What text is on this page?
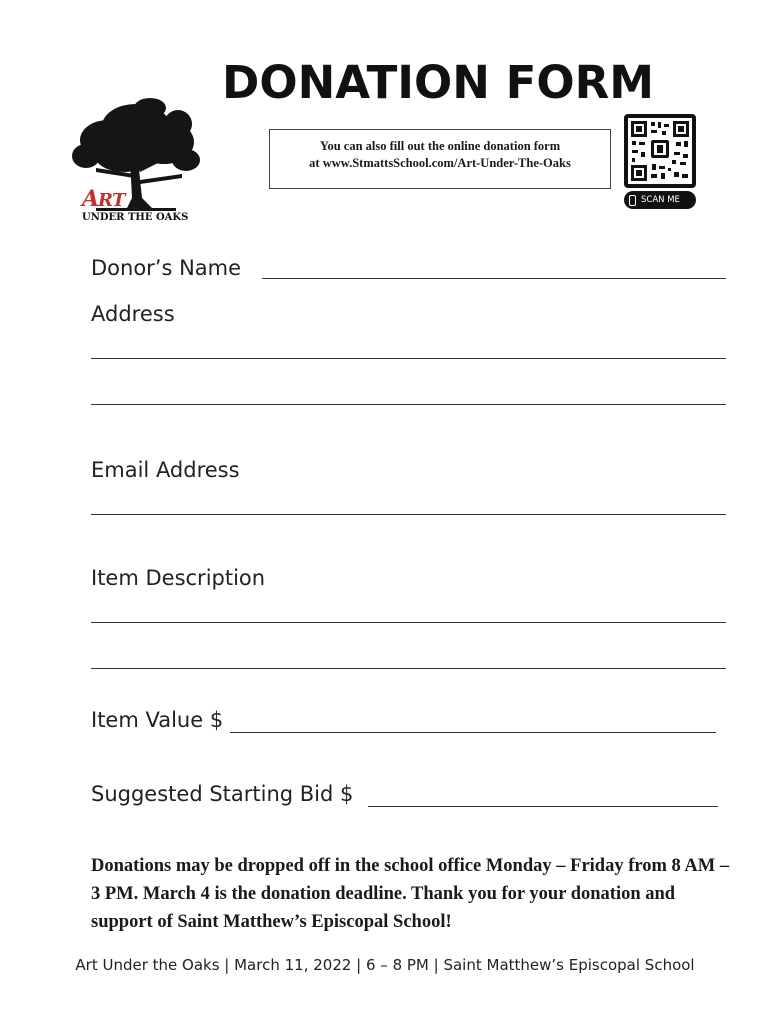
DONATION FORM
A
R T
UNDER THE OAKS
You can also fill out the online donation form
at www.StmattsSchool.com/Art-Under-The-Oaks
SCAN ME
Donor’s Name
Address
Email Address
Item Description
Item Value $
Suggested Starting Bid $
Donations may be dropped off in the school office Monday – Friday from 8 AM – 3 PM. March 4 is the donation deadline. Thank you for your donation and support of Saint Matthew’s Episcopal School!
Art Under the Oaks | March 11, 2022 | 6 – 8 PM | Saint Matthew’s Episcopal School
